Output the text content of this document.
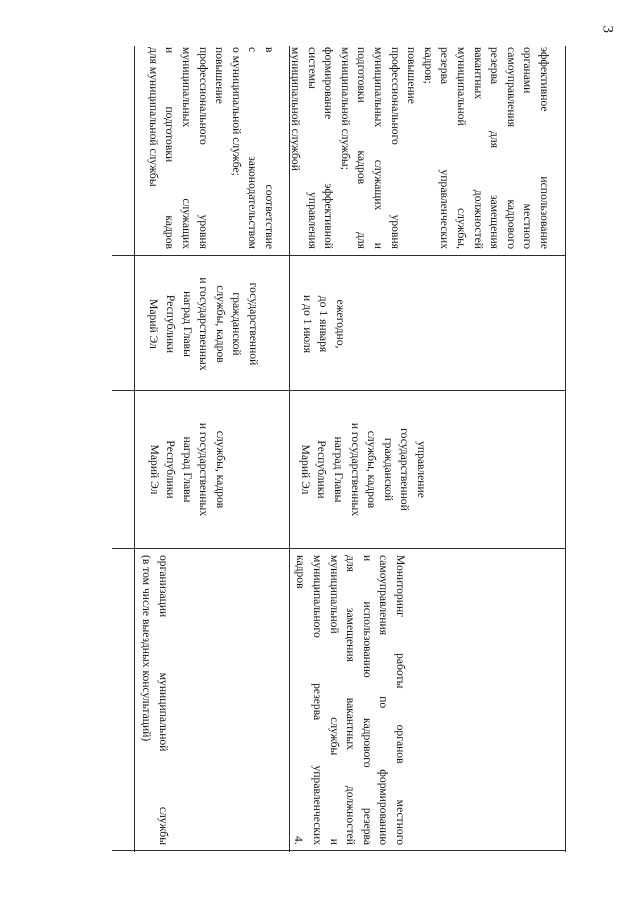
3
организации муниципальной службы
(в том числе выездных консультаций)
службы, кадров
и государственных
наград Главы
Республики
Марий Эл
государственной
гражданской
службы, кадров
и государственных
наград Главы
Республики
Марий Эл
в соответствие
с законодательством
о муниципальной службе;
повышение
профессионального уровня
муниципальных служащих
и подготовки кадров
для муниципальной службы
4.	Мониторинг работы органов местного
самоуправления по формированию
и использованию кадрового резерва
для замещения вакантных должностей
муниципальной службы и
муниципального резерва управленческих
кадров
управление
государственной
гражданской
службы, кадров
и государственных
наград Главы
Республики
Марий Эл
ежегодно,
до 1 января
и до 1 июля
эффективное использование
органами местного
самоуправления кадрового
резерва для замещения
вакантных должностей
муниципальной службы,
резерва управленческих
кадров;
повышение
профессионального уровня
муниципальных служащих и
подготовки кадров для
муниципальной службы;
формирование эффективной
системы управления
муниципальной службой
